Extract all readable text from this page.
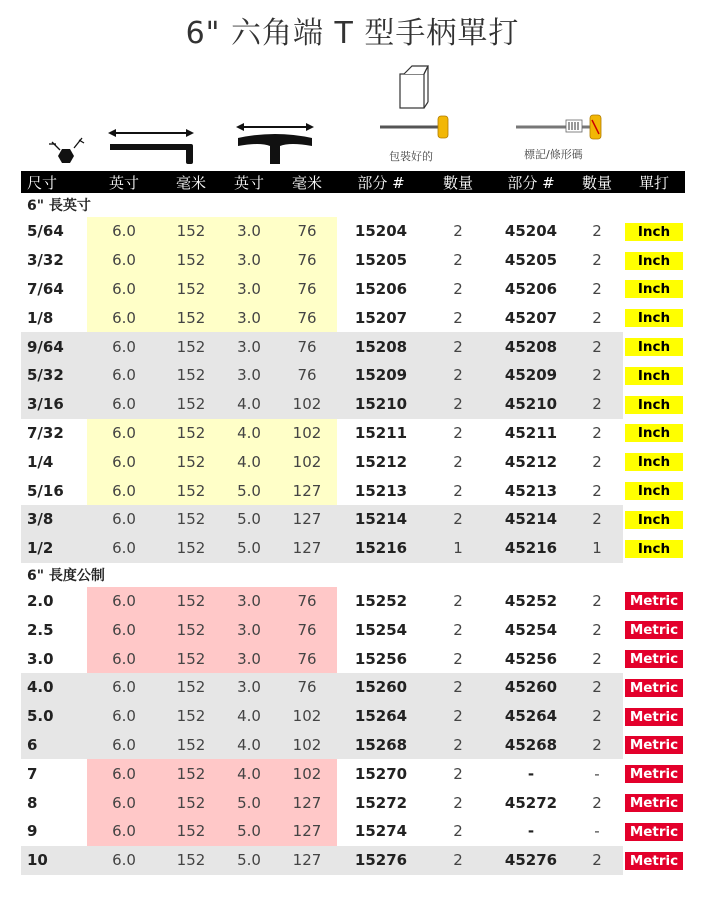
6" 六角端 T 型手柄單打
包裝好的	標記/條形碼
尺寸	英寸	毫米	英寸	毫米	部分 #	數量	部分 #	數量	單打
6" 長英寸									
5/64	6.0	152	3.0	76	15204	2	45204	2	Inch
3/32	6.0	152	3.0	76	15205	2	45205	2	Inch
7/64	6.0	152	3.0	76	15206	2	45206	2	Inch
1/8	6.0	152	3.0	76	15207	2	45207	2	Inch
9/64	6.0	152	3.0	76	15208	2	45208	2	Inch
5/32	6.0	152	3.0	76	15209	2	45209	2	Inch
3/16	6.0	152	4.0	102	15210	2	45210	2	Inch
7/32	6.0	152	4.0	102	15211	2	45211	2	Inch
1/4	6.0	152	4.0	102	15212	2	45212	2	Inch
5/16	6.0	152	5.0	127	15213	2	45213	2	Inch
3/8	6.0	152	5.0	127	15214	2	45214	2	Inch
1/2	6.0	152	5.0	127	15216	1	45216	1	Inch
6" 長度公制									
2.0	6.0	152	3.0	76	15252	2	45252	2	Metric
2.5	6.0	152	3.0	76	15254	2	45254	2	Metric
3.0	6.0	152	3.0	76	15256	2	45256	2	Metric
4.0	6.0	152	3.0	76	15260	2	45260	2	Metric
5.0	6.0	152	4.0	102	15264	2	45264	2	Metric
6	6.0	152	4.0	102	15268	2	45268	2	Metric
7	6.0	152	4.0	102	15270	2	-	-	Metric
8	6.0	152	5.0	127	15272	2	45272	2	Metric
9	6.0	152	5.0	127	15274	2	-	-	Metric
10	6.0	152	5.0	127	15276	2	45276	2	Metric
